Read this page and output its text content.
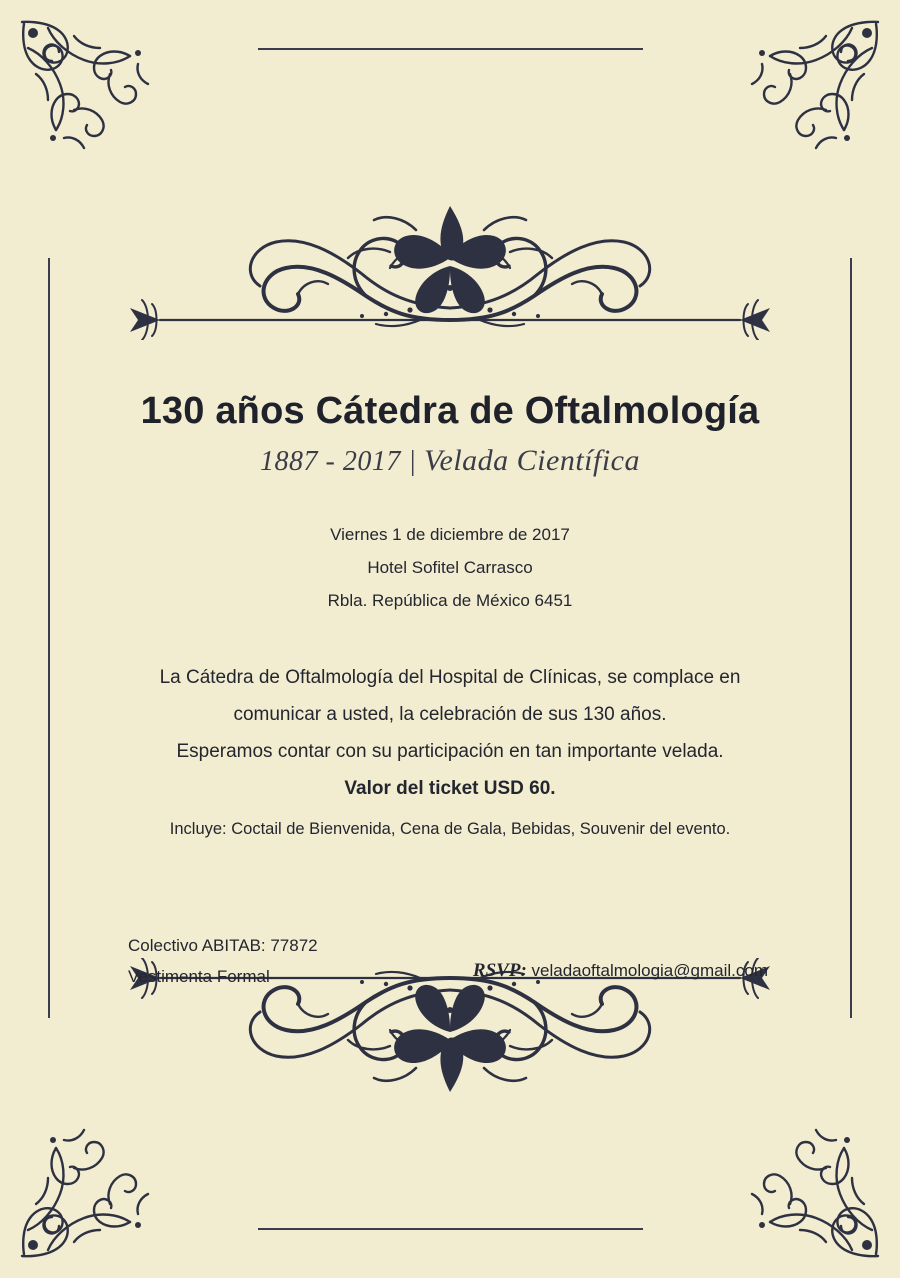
130 años Cátedra de Oftalmología
1887 - 2017 | Velada Científica
Viernes 1 de diciembre de 2017
Hotel Sofitel Carrasco
Rbla. República de México 6451
La Cátedra de Oftalmología del Hospital de Clínicas, se complace en
comunicar a usted, la celebración de sus 130 años.
Esperamos contar con su participación en tan importante velada.
Valor del ticket USD 60.
Incluye: Coctail de Bienvenida, Cena de Gala, Bebidas, Souvenir del evento.
Colectivo ABITAB: 77872
Vestimenta Formal	RSVP: veladaoftalmologia@gmail.com
